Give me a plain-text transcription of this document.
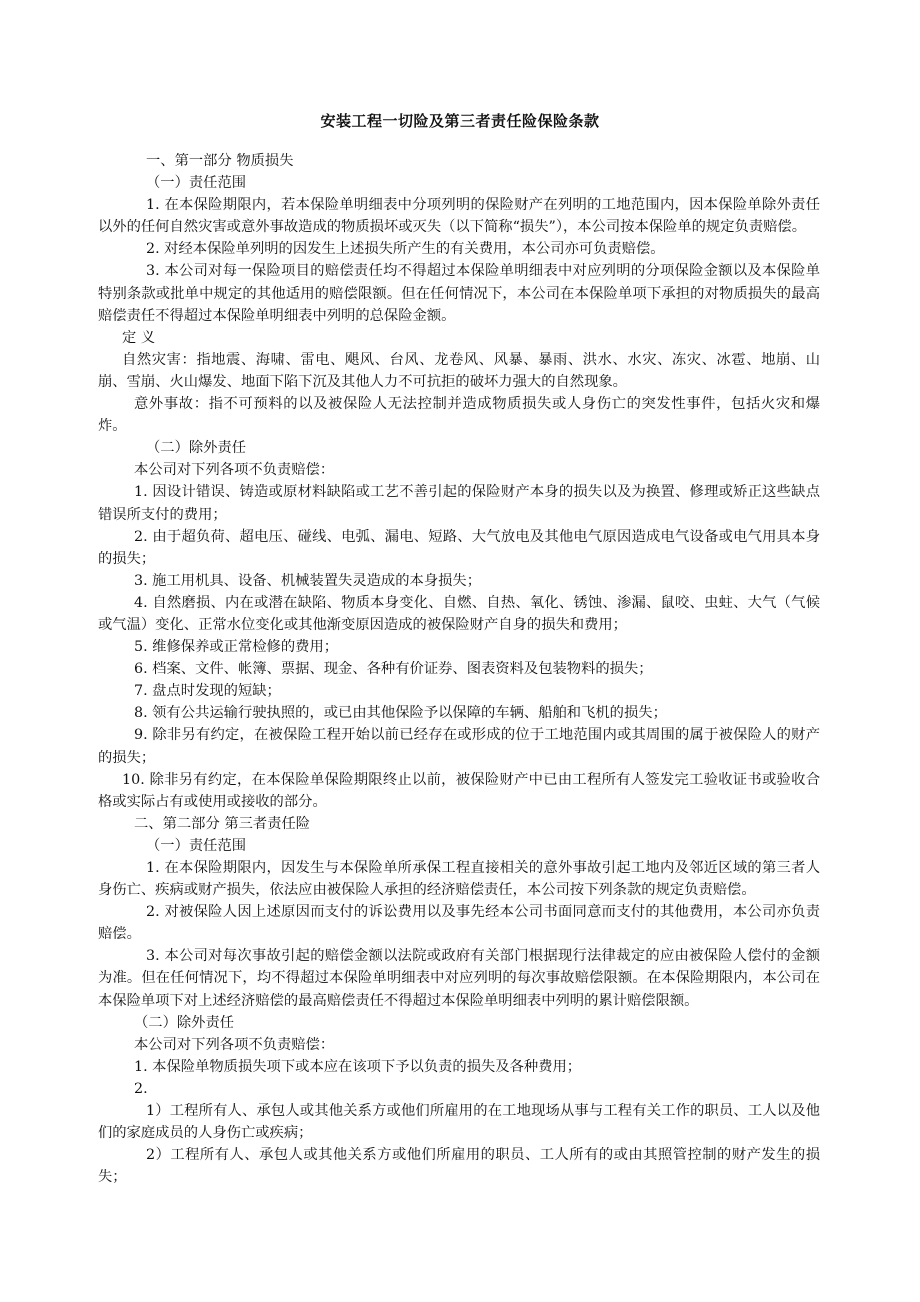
安装工程一切险及第三者责任险保险条款

一、第一部分 物质损失

（一）责任范围

1. 在本保险期限内，若本保险单明细表中分项列明的保险财产在列明的工地范围内，因本保险单除外责任以外的任何自然灾害或意外事故造成的物质损坏或灭失（以下简称“损失”），本公司按本保险单的规定负责赔偿。

2. 对经本保险单列明的因发生上述损失所产生的有关费用，本公司亦可负责赔偿。

3. 本公司对每一保险项目的赔偿责任均不得超过本保险单明细表中对应列明的分项保险金额以及本保险单特别条款或批单中规定的其他适用的赔偿限额。但在任何情况下，本公司在本保险单项下承担的对物质损失的最高赔偿责任不得超过本保险单明细表中列明的总保险金额。

定 义

自然灾害：指地震、海啸、雷电、飓风、台风、龙卷风、风暴、暴雨、洪水、水灾、冻灾、冰雹、地崩、山崩、雪崩、火山爆发、地面下陷下沉及其他人力不可抗拒的破坏力强大的自然现象。

意外事故：指不可预料的以及被保险人无法控制并造成物质损失或人身伤亡的突发性事件，包括火灾和爆炸。

（二）除外责任

本公司对下列各项不负责赔偿：

1. 因设计错误、铸造或原材料缺陷或工艺不善引起的保险财产本身的损失以及为换置、修理或矫正这些缺点错误所支付的费用；

2. 由于超负荷、超电压、碰线、电弧、漏电、短路、大气放电及其他电气原因造成电气设备或电气用具本身的损失；

3. 施工用机具、设备、机械装置失灵造成的本身损失；

4. 自然磨损、内在或潜在缺陷、物质本身变化、自燃、自热、氧化、锈蚀、渗漏、鼠咬、虫蛀、大气（气候或气温）变化、正常水位变化或其他渐变原因造成的被保险财产自身的损失和费用；

5. 维修保养或正常检修的费用；

6. 档案、文件、帐簿、票据、现金、各种有价证券、图表资料及包装物料的损失；

7. 盘点时发现的短缺；

8. 领有公共运输行驶执照的，或已由其他保险予以保障的车辆、船舶和飞机的损失；

9. 除非另有约定，在被保险工程开始以前已经存在或形成的位于工地范围内或其周围的属于被保险人的财产的损失；

10. 除非另有约定，在本保险单保险期限终止以前，被保险财产中已由工程所有人签发完工验收证书或验收合格或实际占有或使用或接收的部分。

二、第二部分 第三者责任险

（一）责任范围

1. 在本保险期限内，因发生与本保险单所承保工程直接相关的意外事故引起工地内及邻近区域的第三者人身伤亡、疾病或财产损失，依法应由被保险人承担的经济赔偿责任，本公司按下列条款的规定负责赔偿。

2. 对被保险人因上述原因而支付的诉讼费用以及事先经本公司书面同意而支付的其他费用，本公司亦负责赔偿。

3. 本公司对每次事故引起的赔偿金额以法院或政府有关部门根据现行法律裁定的应由被保险人偿付的金额为准。但在任何情况下，均不得超过本保险单明细表中对应列明的每次事故赔偿限额。在本保险期限内，本公司在本保险单项下对上述经济赔偿的最高赔偿责任不得超过本保险单明细表中列明的累计赔偿限额。

（二）除外责任

本公司对下列各项不负责赔偿：

1. 本保险单物质损失项下或本应在该项下予以负责的损失及各种费用；

2.

1）工程所有人、承包人或其他关系方或他们所雇用的在工地现场从事与工程有关工作的职员、工人以及他们的家庭成员的人身伤亡或疾病；

2）工程所有人、承包人或其他关系方或他们所雇用的职员、工人所有的或由其照管控制的财产发生的损失；
